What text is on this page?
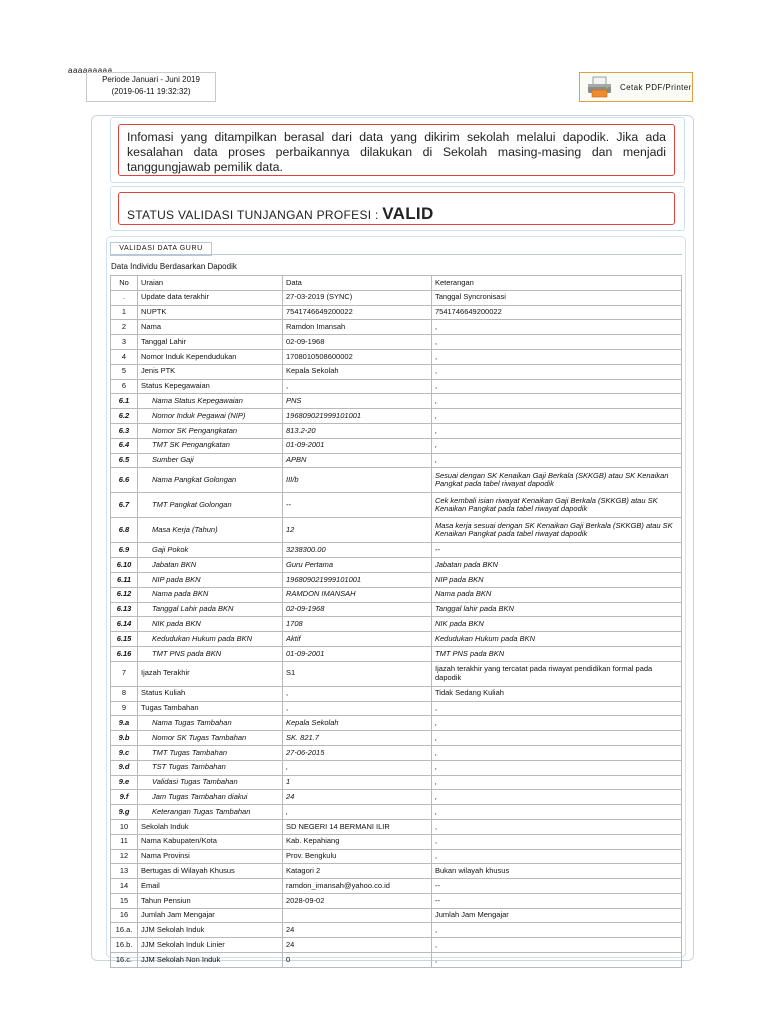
aaaaaaaaa
Periode Januari - Juni 2019
(2019-06-11 19:32:32)	Cetak PDF/Printer
Infomasi yang ditampilkan berasal dari data yang dikirim sekolah melalui dapodik. Jika ada kesalahan data proses perbaikannya dilakukan di Sekolah masing-masing dan menjadi tanggungjawab pemilik data.
STATUS VALIDASI TUNJANGAN PROFESI : VALID
VALIDASI DATA GURU
Data Individu Berdasarkan Dapodik
No	Uraian	Data	Keterangan
.	Update data terakhir	27-03-2019 (SYNC)	Tanggal Syncronisasi
1	NUPTK	7541746649200022	7541746649200022
2	Nama	Ramdon Imansah	,
3	Tanggal Lahir	02-09-1968	,
4	Nomor Induk Kependudukan	1708010508600002	,
5	Jenis PTK	Kepala Sekolah	,
6	Status Kepegawaian	,	,
6.1	Nama Status Kepegawaian	PNS	,
6.2	Nomor Induk Pegawai (NIP)	196809021999101001	,
6.3	Nomor SK Pengangkatan	813.2-20	,
6.4	TMT SK Pengangkatan	01-09-2001	,
6.5	Sumber Gaji	APBN	,
6.6	Nama Pangkat Golongan	III/b	Sesuai dengan SK Kenaikan Gaji Berkala (SKKGB) atau SK Kenaikan Pangkat pada tabel riwayat dapodik
6.7	TMT Pangkat Golongan	--	Cek kembali isian riwayat Kenaikan Gaji Berkala (SKKGB) atau SK Kenaikan Pangkat pada tabel riwayat dapodik
6.8	Masa Kerja (Tahun)	12	Masa kerja sesuai dengan SK Kenaikan Gaji Berkala (SKKGB) atau SK Kenaikan Pangkat pada tabel riwayat dapodik
6.9	Gaji Pokok	3238300.00	--
6.10	Jabatan BKN	Guru Pertama	Jabatan pada BKN
6.11	NIP pada BKN	196809021999101001	NIP pada BKN
6.12	Nama pada BKN	RAMDON IMANSAH	Nama pada BKN
6.13	Tanggal Lahir pada BKN	02-09-1968	Tanggal lahir pada BKN
6.14	NIK pada BKN	1708	NIK pada BKN
6.15	Kedudukan Hukum pada BKN	Aktif	Kedudukan Hukum pada BKN
6.16	TMT PNS pada BKN	01-09-2001	TMT PNS pada BKN
7	Ijazah Terakhir	S1	Ijazah terakhir yang tercatat pada riwayat pendidikan formal pada dapodik
8	Status Kuliah	,	Tidak Sedang Kuliah
9	Tugas Tambahan	,	,
9.a	Nama Tugas Tambahan	Kepala Sekolah	,
9.b	Nomor SK Tugas Tambahan	SK. 821.7	,
9.c	TMT Tugas Tambahan	27-06-2015	,
9.d	TST Tugas Tambahan	,	,
9.e	Validasi Tugas Tambahan	1	,
9.f	Jam Tugas Tambahan diakui	24	,
9.g	Keterangan Tugas Tambahan	,	,
10	Sekolah Induk	SD NEGERI 14 BERMANI ILIR	,
11	Nama Kabupaten/Kota	Kab. Kepahiang	,
12	Nama Provinsi	Prov. Bengkulu	,
13	Bertugas di Wilayah Khusus	Katagori 2	Bukan wilayah khusus
14	Email	ramdon_imansah@yahoo.co.id	--
15	Tahun Pensiun	2028-09-02	--
16	Jumlah Jam Mengajar		Jumlah Jam Mengajar
16.a.	JJM Sekolah Induk	24	,
16.b.	JJM Sekolah Induk Linier	24	,
16.c.	JJM Sekolah Non Induk	0	,
